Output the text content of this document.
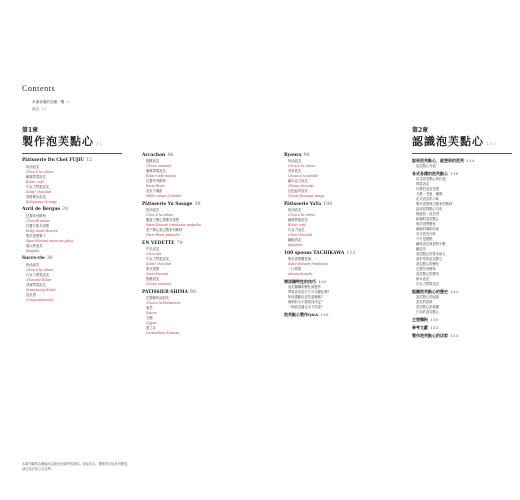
Contents
本書登場的店鋪一覽 8
前言 10
第1章
製作泡芙點心 11
Pâtisserie Du Chef FUJIU 12
奶油泡芙
Chou à la crème
咖啡閃電泡芙
Éclair café
巧克力閃電泡芙
Éclair chocolat
香橙修女泡芙
Religieuse Orange
Avril de Bergue 24
巴黎布列斯特
Chou Bretoise
紅寶石聖多諾黑
Ruby Saint-Honoré
聖多諾黑栗子
Saint-Honoré marrons glacé
義大利泡芙
Zeppole
Sucre-rie 36
奶油泡芙
Chou à la crème
巧克力閃電泡芙
Chocolat Éclair
草莓閃電泡芙
Strawberry Éclair
泡芙塔
Croquembouche
Arcachon 46
焦糖泡芙
Choux caramel
咖啡閃電泡芙
Éclair café mocha
巴黎布列斯特
Paris-Brest
泡芙千層派
Mille-crêpes d'amitié
Pâtisserie Yu Sasage 58
奶油泡芙
Chou à la crème
覆盆子開心果聖多諾黑
Saint-Honoré framboise pistache
香子開心果巴黎布列斯特
Paris-Brest pistache
EN VEDETTE 70
牛乳泡芙
Chou lait
巧克力閃電泡芙
Éclair chocolat
聖多諾黑
Saint-Honoré
焦糖泡芙
Choux caramel
PATISSIER SHIMA 80
巴黎鮮奶油泡芙
Chou à la Parisienne
柔蒸
Souris
天鵝
Cygne
愛之井
Caramelise d'amour
Ryoura 90
奶油泡芙
Chou à la crème
香草泡芙
Choux à la vanille
鹹巧克力泡芙
Choux chocolat
紅色起司泡芙
Choux fromage rouge
Pâtisserie YaYa 100
奶油泡芙
Chou à la crème
咖啡閃電泡芙
Éclair café
巧克力泡芙
Chou chocolat
鹹鮮泡芙
Salambo
100 spoons TACHIKAWA 112
聖多諾黑覆盆莓
Saint-Honoré framboise
一口閃電
Amuse-bouche
增添獨特性的技巧 120
泡芙麵糊的變化與製作
閃電泡芙的尺寸可以變化嗎？
如何讓脆皮泡芙更酥脆？
填餡的大小要如何決定？
一個泡芙適合多少份量？
泡芙點心製作Q&A 128
第2章
認識泡芙點心 133
說到泡芙點心，就想到的泡芙 134
泡芙點心列表
各式各樣的泡芙點心 138
花式泡芙點心的代表
閃電泡芙
可愛的泡芙造型
天鵝・老鼠・種類
花式泡芙的口味
聖多諾黑與巴黎布列斯特
當成派對點心享用
修道院・泡芙塔
新穎的泡芙點心
聖多諾黑變化
細緻的填餡奶油
各式泡芙比較
不只是甜點
鹹味泡芙與派對小點
鹹泡芙
泡芙點心的基本組合
基本型的泡芙點心
泡芙點心的變化
巴黎布列斯特
泡芙點心的歷史
修女泡芙
巧克力閃電泡芙
認識泡芙點心的歷史 142
泡芙點心的起源
泡芙的語源
泡芙點心的演變
日本的泡芙點心
主要麵粉 150
參考文獻 152
製作泡芙點心的店家 154
本書刊載的店舖資訊為截至出版時的資料。商品內容、價格等可能有所變更，請以各店家公告為準。
